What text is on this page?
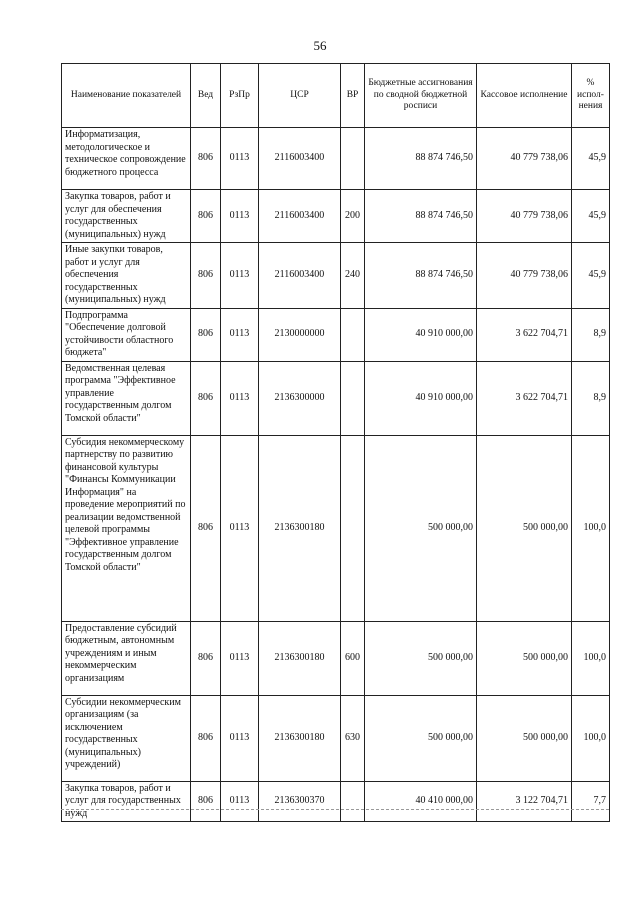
56
Наименование показателей	Вед	РзПр	ЦСР	ВР	Бюджетные ассигнования по сводной бюджетной росписи	Кассовое исполнение	% испол-нения
Информатизация, методологическое и техническое сопровождение бюджетного процесса	806	0113	2116003400		88 874 746,50	40 779 738,06	45,9
Закупка товаров, работ и услуг для обеспечения государственных (муниципальных) нужд	806	0113	2116003400	200	88 874 746,50	40 779 738,06	45,9
Иные закупки товаров, работ и услуг для обеспечения государственных (муниципальных) нужд	806	0113	2116003400	240	88 874 746,50	40 779 738,06	45,9
Подпрограмма "Обеспечение долговой устойчивости областного бюджета"	806	0113	2130000000		40 910 000,00	3 622 704,71	8,9
Ведомственная целевая программа "Эффективное управление государственным долгом Томской области"	806	0113	2136300000		40 910 000,00	3 622 704,71	8,9
Субсидия некоммерческому партнерству по развитию финансовой культуры "Финансы Коммуникации Информация" на проведение мероприятий по реализации ведомственной целевой программы "Эффективное управление государственным долгом Томской области"	806	0113	2136300180		500 000,00	500 000,00	100,0
Предоставление субсидий бюджетным, автономным учреждениям и иным некоммерческим организациям	806	0113	2136300180	600	500 000,00	500 000,00	100,0
Субсидии некоммерческим организациям (за исключением государственных (муниципальных) учреждений)	806	0113	2136300180	630	500 000,00	500 000,00	100,0
Закупка товаров, работ и услуг для государственных нужд	806	0113	2136300370		40 410 000,00	3 122 704,71	7,7
